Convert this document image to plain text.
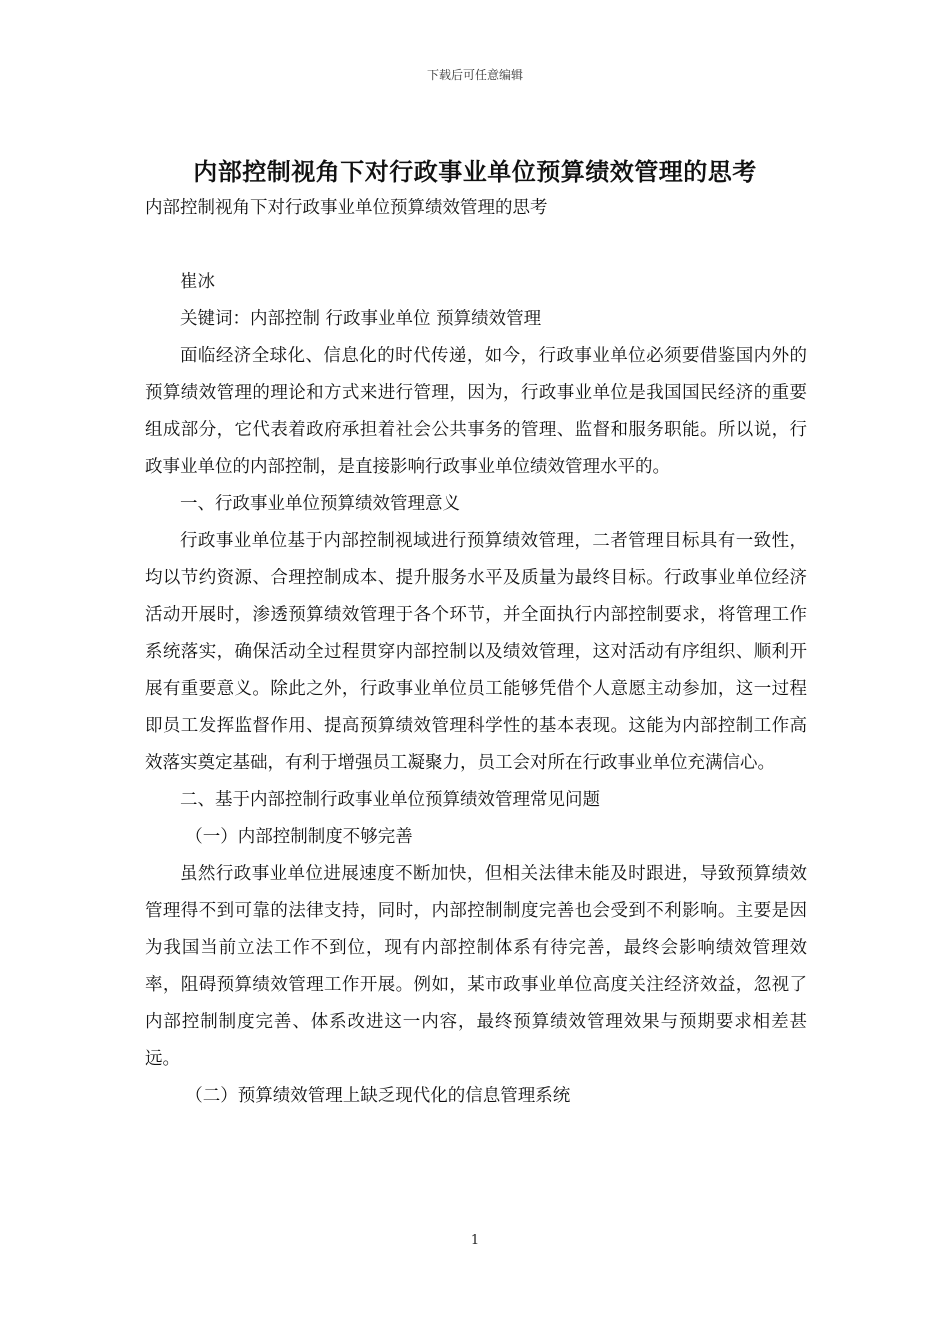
下载后可任意编辑
内部控制视角下对行政事业单位预算绩效管理的思考

内部控制视角下对行政事业单位预算绩效管理的思考

崔冰

关键词：内部控制 行政事业单位 预算绩效管理

面临经济全球化、信息化的时代传递，如今，行政事业单位必须要借鉴国内外的预算绩效管理的理论和方式来进行管理，因为，行政事业单位是我国国民经济的重要组成部分，它代表着政府承担着社会公共事务的管理、监督和服务职能。所以说，行政事业单位的内部控制，是直接影响行政事业单位绩效管理水平的。

一、行政事业单位预算绩效管理意义

行政事业单位基于内部控制视域进行预算绩效管理，二者管理目标具有一致性，均以节约资源、合理控制成本、提升服务水平及质量为最终目标。行政事业单位经济活动开展时，渗透预算绩效管理于各个环节，并全面执行内部控制要求，将管理工作系统落实，确保活动全过程贯穿内部控制以及绩效管理，这对活动有序组织、顺利开展有重要意义。除此之外，行政事业单位员工能够凭借个人意愿主动参加，这一过程即员工发挥监督作用、提高预算绩效管理科学性的基本表现。这能为内部控制工作高效落实奠定基础，有利于增强员工凝聚力，员工会对所在行政事业单位充满信心。

二、基于内部控制行政事业单位预算绩效管理常见问题

（一）内部控制制度不够完善

虽然行政事业单位进展速度不断加快，但相关法律未能及时跟进，导致预算绩效管理得不到可靠的法律支持，同时，内部控制制度完善也会受到不利影响。主要是因为我国当前立法工作不到位，现有内部控制体系有待完善，最终会影响绩效管理效率，阻碍预算绩效管理工作开展。例如，某市政事业单位高度关注经济效益，忽视了内部控制制度完善、体系改进这一内容，最终预算绩效管理效果与预期要求相差甚远。

（二）预算绩效管理上缺乏现代化的信息管理系统

1
